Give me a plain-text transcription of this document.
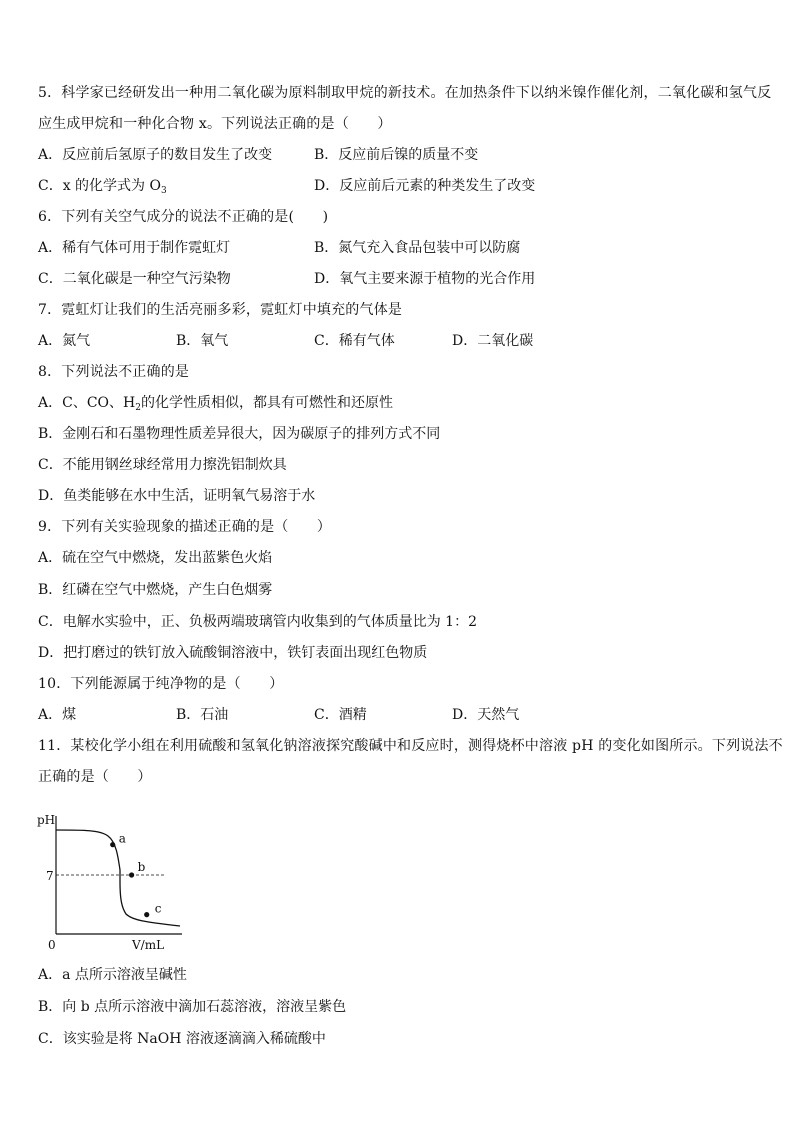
5．科学家已经研发出一种用二氧化碳为原料制取甲烷的新技术。在加热条件下以纳米镍作催化剂，二氧化碳和氢气反
应生成甲烷和一种化合物 x。下列说法正确的是（　　）
A．反应前后氢原子的数目发生了改变	B．反应前后镍的质量不变
C．x 的化学式为 $O_3$	D．反应前后元素的种类发生了改变
6．下列有关空气成分的说法不正确的是(　　)
A．稀有气体可用于制作霓虹灯	B．氮气充入食品包装中可以防腐
C．二氧化碳是一种空气污染物	D．氧气主要来源于植物的光合作用
7．霓虹灯让我们的生活亮丽多彩，霓虹灯中填充的气体是
A．氮气	B．氧气	C．稀有气体	D．二氧化碳
8．下列说法不正确的是
A．C、CO、$H_2$的化学性质相似，都具有可燃性和还原性
B．金刚石和石墨物理性质差异很大，因为碳原子的排列方式不同
C．不能用钢丝球经常用力擦洗铝制炊具
D．鱼类能够在水中生活，证明氧气易溶于水
9．下列有关实验现象的描述正确的是（　　）
A．硫在空气中燃烧，发出蓝紫色火焰
B．红磷在空气中燃烧，产生白色烟雾
C．电解水实验中，正、负极两端玻璃管内收集到的气体质量比为 1：2
D．把打磨过的铁钉放入硫酸铜溶液中，铁钉表面出现红色物质
10．下列能源属于纯净物的是（　　）
A．煤	B．石油	C．酒精	D．天然气
11．某校化学小组在利用硫酸和氢氧化钠溶液探究酸碱中和反应时，测得烧杯中溶液 pH 的变化如图所示。下列说法不
正确的是（　　）
pH
0	V/mL
7
a
b
c
A．a 点所示溶液呈碱性
B．向 b 点所示溶液中滴加石蕊溶液，溶液呈紫色
C．该实验是将 NaOH 溶液逐滴滴入稀硫酸中
